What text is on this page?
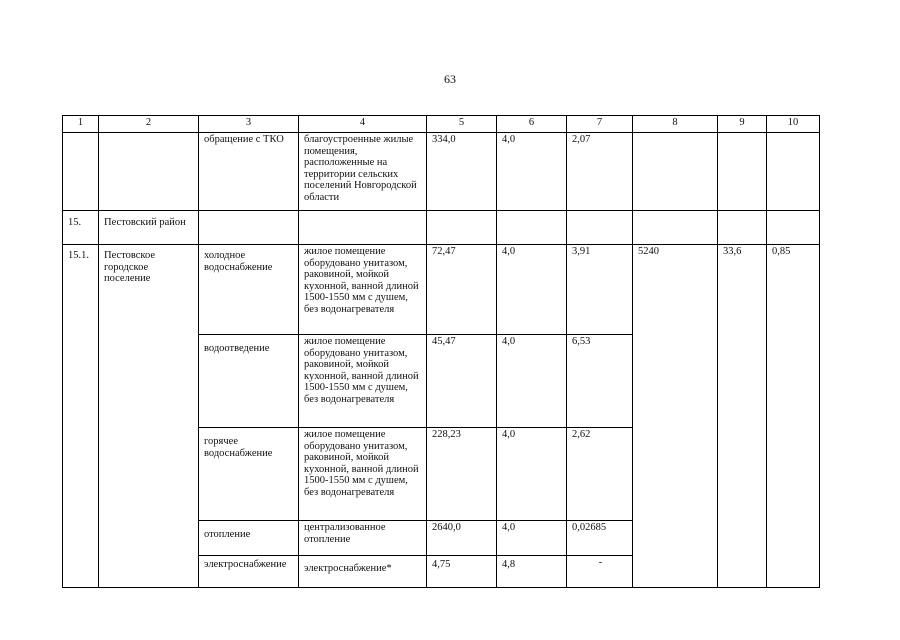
63
1	2	3	4	5	6	7	8	9	10
		обращение с ТКО	благоустроенные жилые помещения, расположенные на территории сельских поселений Новгородской области	334,0	4,0	2,07			
15.	Пестовский район								
15.1.	Пестовское городское поселение	холодное водоснабжение	жилое помещение оборудовано унитазом, раковиной, мойкой кухонной, ванной длиной 1500-1550 мм с душем, без водонагревателя	72,47	4,0	3,91	5240	33,6	0,85
		водоотведение	жилое помещение оборудовано унитазом, раковиной, мойкой кухонной, ванной длиной 1500-1550 мм с душем, без водонагревателя	45,47	4,0	6,53			
		горячее водоснабжение	жилое помещение оборудовано унитазом, раковиной, мойкой кухонной, ванной длиной 1500-1550 мм с душем, без водонагревателя	228,23	4,0	2,62			
		отопление	централизованное отопление	2640,0	4,0	0,02685			
		электроснабжение	электроснабжение*	4,75	4,8	-			
